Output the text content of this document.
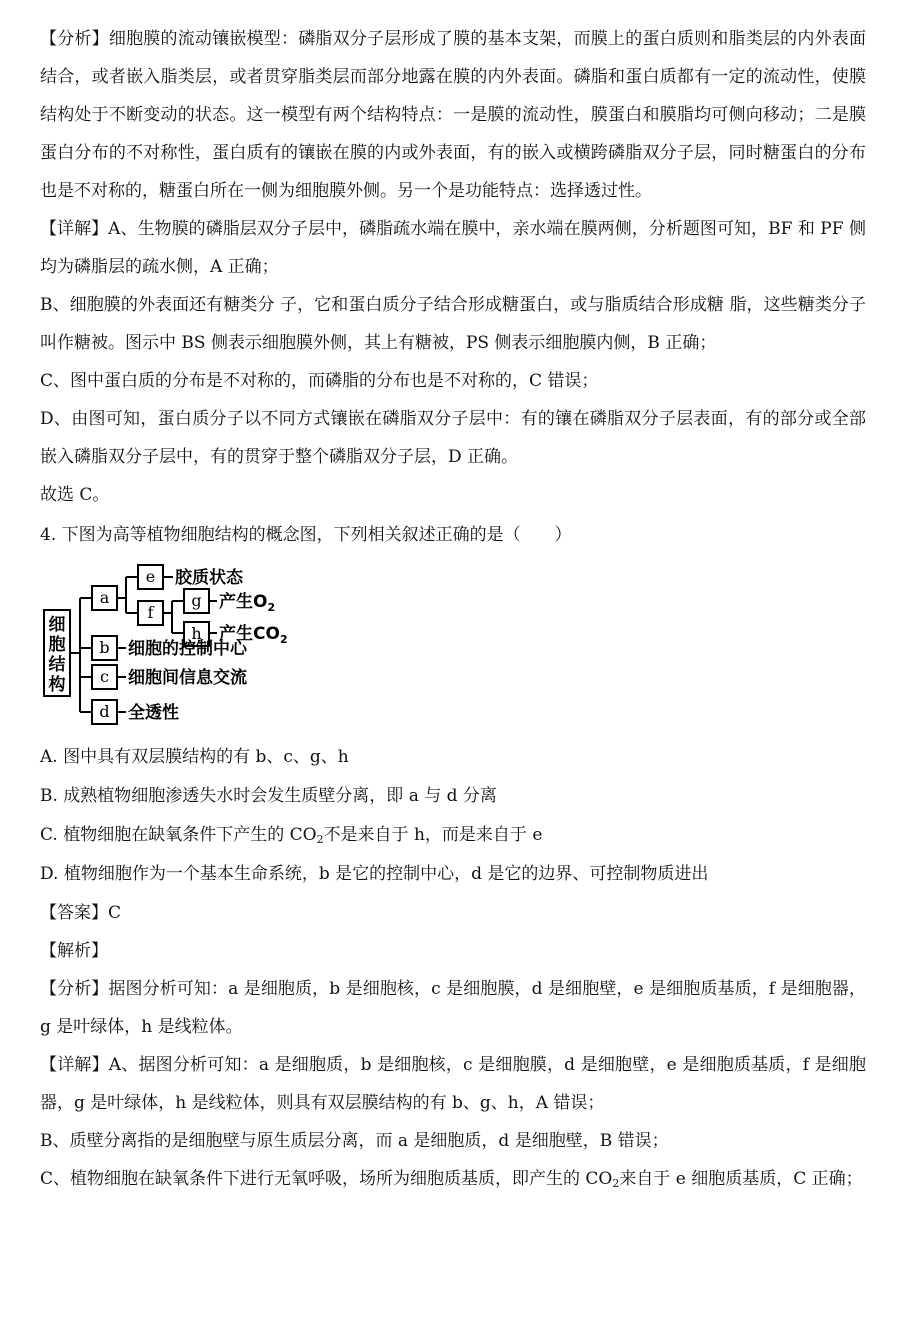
【分析】细胞膜的流动镶嵌模型：磷脂双分子层形成了膜的基本支架，而膜上的蛋白质则和脂类层的内外表面结合，或者嵌入脂类层，或者贯穿脂类层而部分地露在膜的内外表面。磷脂和蛋白质都有一定的流动性，使膜结构处于不断变动的状态。这一模型有两个结构特点：一是膜的流动性，膜蛋白和膜脂均可侧向移动；二是膜蛋白分布的不对称性，蛋白质有的镶嵌在膜的内或外表面，有的嵌入或横跨磷脂双分子层，同时糖蛋白的分布也是不对称的，糖蛋白所在一侧为细胞膜外侧。另一个是功能特点：选择透过性。

【详解】A、生物膜的磷脂层双分子层中，磷脂疏水端在膜中，亲水端在膜两侧，分析题图可知，BF 和 PF 侧均为磷脂层的疏水侧，A 正确；

B、细胞膜的外表面还有糖类分 子，它和蛋白质分子结合形成糖蛋白，或与脂质结合形成糖 脂，这些糖类分子叫作糖被。图示中 BS 侧表示细胞膜外侧，其上有糖被，PS 侧表示细胞膜内侧，B 正确；

C、图中蛋白质的分布是不对称的，而磷脂的分布也是不对称的，C 错误；

D、由图可知，蛋白质分子以不同方式镶嵌在磷脂双分子层中：有的镶在磷脂双分子层表面，有的部分或全部嵌入磷脂双分子层中，有的贯穿于整个磷脂双分子层，D 正确。

故选 C。

4. 下图为高等植物细胞结构的概念图，下列相关叙述正确的是（　　）

细
胞
结
构
a
b
c
d
e
f
g
h
胶质状态
产生$O_2$
产生$CO_2$
细胞的控制中心
细胞间信息交流
全透性

A. 图中具有双层膜结构的有 b、c、g、h

B. 成熟植物细胞渗透失水时会发生质壁分离，即 a 与 d 分离

C. 植物细胞在缺氧条件下产生的 $CO_2$不是来自于 h，而是来自于 e

D. 植物细胞作为一个基本生命系统，b 是它的控制中心，d 是它的边界、可控制物质进出

【答案】C

【解析】

【分析】据图分析可知：a 是细胞质，b 是细胞核，c 是细胞膜，d 是细胞壁，e 是细胞质基质，f 是细胞器，g 是叶绿体，h 是线粒体。

【详解】A、据图分析可知：a 是细胞质，b 是细胞核，c 是细胞膜，d 是细胞壁，e 是细胞质基质，f 是细胞器，g 是叶绿体，h 是线粒体，则具有双层膜结构的有 b、g、h，A 错误；

B、质壁分离指的是细胞壁与原生质层分离，而 a 是细胞质，d 是细胞壁，B 错误；

C、植物细胞在缺氧条件下进行无氧呼吸，场所为细胞质基质，即产生的 $CO_2$来自于 e 细胞质基质，C 正确；
